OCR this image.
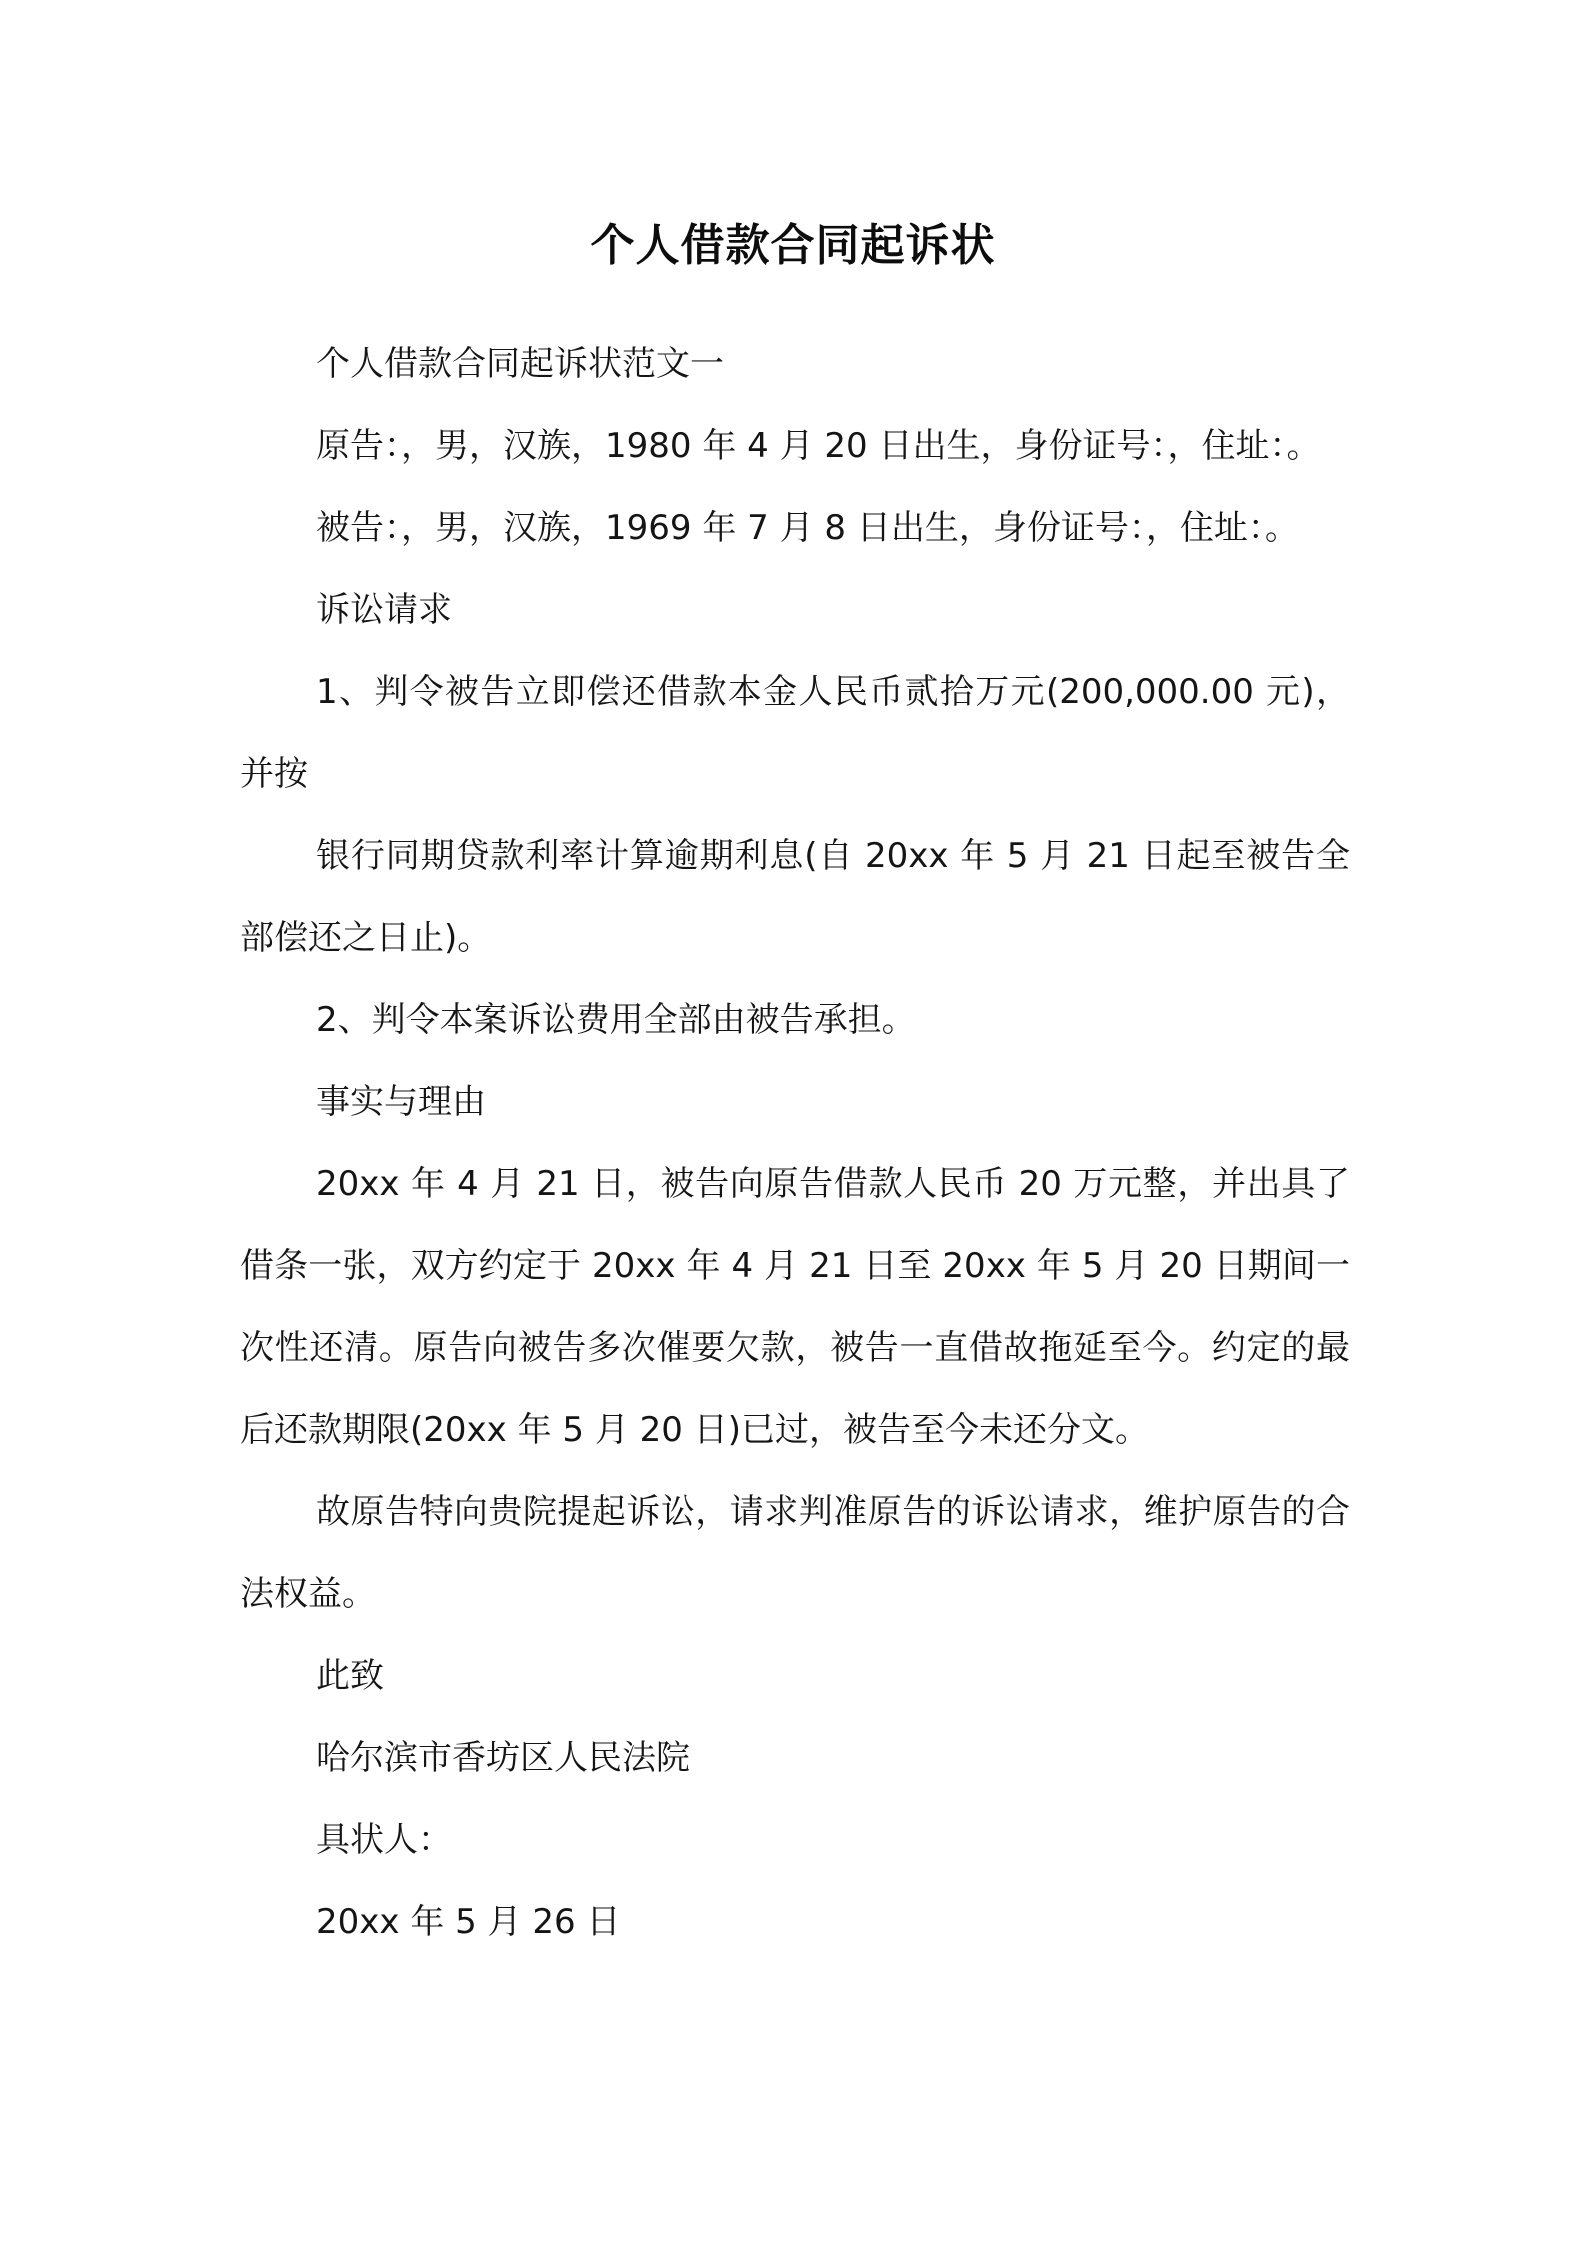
个人借款合同起诉状
个人借款合同起诉状范文一
原告：，男，汉族，1980 年 4 月 20 日出生，身份证号：，住址：。
被告：，男，汉族，1969 年 7 月 8 日出生，身份证号：，住址：。
诉讼请求
1、判令被告立即偿还借款本金人民币贰拾万元(200,000.00 元)，并按
银行同期贷款利率计算逾期利息(自 20xx 年 5 月 21 日起至被告全部偿还之日止)。
2、判令本案诉讼费用全部由被告承担。
事实与理由
20xx 年 4 月 21 日，被告向原告借款人民币 20 万元整，并出具了借条一张，双方约定于 20xx 年 4 月 21 日至 20xx 年 5 月 20 日期间一次性还清。原告向被告多次催要欠款，被告一直借故拖延至今。约定的最后还款期限(20xx 年 5 月 20 日)已过，被告至今未还分文。
故原告特向贵院提起诉讼，请求判准原告的诉讼请求，维护原告的合法权益。
此致
哈尔滨市香坊区人民法院
具状人：
20xx 年 5 月 26 日
